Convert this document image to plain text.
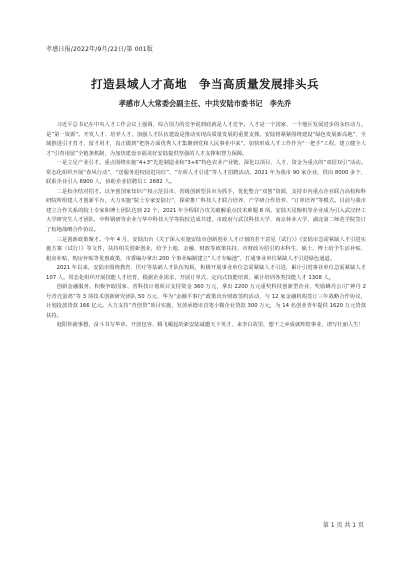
孝感日报/2022年/9月/22日/第 001版
打造县域人才高地　争当高质量发展排头兵
孝感市人大常委会副主任、中共安陆市委书记　李先乔

习近平总书记在中央人才工作会议上强调，综合国力的竞争说到底就是人才竞争。人才是一个国家、一个地区发展进步的永恒动力。是“第一资源”。开发人才、培养人才，加强人才队伍建设是推动实现高质量发展的重要支撑。安陆将紧紧围绕建设“绿色发展新高地”，全域推进引才育才、留才用才，真正做到“把各方面优秀人才集聚到党和人民事业中来”。加快形成人才工作作为“一把手”工程、建立健全人才“引育用留”全链条机制，为加快建设幸福美好安陆提供坚强的人才支撑和智力保障。

一是立足产业引才。重点围绕实施“4+3”先进制造业和“3+6”特色农业产业链，深化以项目、人才、资金为重点的“双招双引”活动。常态化组织开展“春风行动”，“送服务进校园进岗位”、“专项人才引进”等人才招聘活动。2021 年为我市 90 家企业，供岗 8000 多个，联系企业引入 6900 人，协助企业招聘员工 2682 人。

二是校企结对招才。以争创国家知识产权示范县市、省级创新型县市为抓手，优化整合“双创”资源，支持市内重点企业联合高校和科研院所组建人才创新平台，大力实施“院士专家安陆行”，探索推广科技人才联合培养、产学研合作培养、“订单培养”等模式。目前与我市建立合作关系的院士专家和博士团队达到 22 个，2021 年全程联合攻关破解重点技术难题 8 项。安陆天星粮机等企业成为引入武汉轻工大学研究生人才团队，中科钢研等企业与华中科技大学等院校达成共建，市政府与武汉科技大学、南京林业大学、湖北第二师范学院签订了校地战略合作协议。

三是创新政策聚才。今年 4 月，安陆出台《关于深入实施安陆市创新创业人才计划的若干意见（试行）》《安陆市急需紧缺人才引进实施方案（试行）》等文件，扶持相关创新创业，给予土地、金融、财政等政策扶持，市财政为招引的本科生、硕士、博士给予生活补贴、租房补贴、购房补贴等优惠政策，市委编办拿出 200 个事业编制建立“人才专编池”，打通事业单位紧缺人才引进绿色通道。

2021 年以来，安陆市围绕教育、医疗等基础人才队伍短板，积极开展事业单位急需紧缺人才引进，累计引进事业单位急需紧缺人才 107 人。常态化组织开展技能人才培育，根据企业需求，开展订单式、定向式技能培训，累计培训各类技能人才 1308 人。

创新金融服务，积极争取国家、省科技计划项目支持资金 360 万元，拿出 2200 万元重奖科技创新型企业，奖励蜂丹公司“神丹 2 号青壳蛋鸡”等 3 项技术创新研究团队 50 万元、华为“金融平事行”政策出台财政签约活动，与 12 家金融机构签订三年战略合作协议，计划投放贷款 166 亿元。大力支持“青创贷”项目实施，发放承德市首笔小微企业贷款 300 万元，为 14 名创业青年提供 1620 万元贷款扶持。

庭阳你就事想，奋斗书写华章。开放包容、腾飞崛起的新安陆诚邀天下英才，来李白故里，想干之乡成就辉煌事业，谱写壮丽人生！

第 1 页 共 1 页
